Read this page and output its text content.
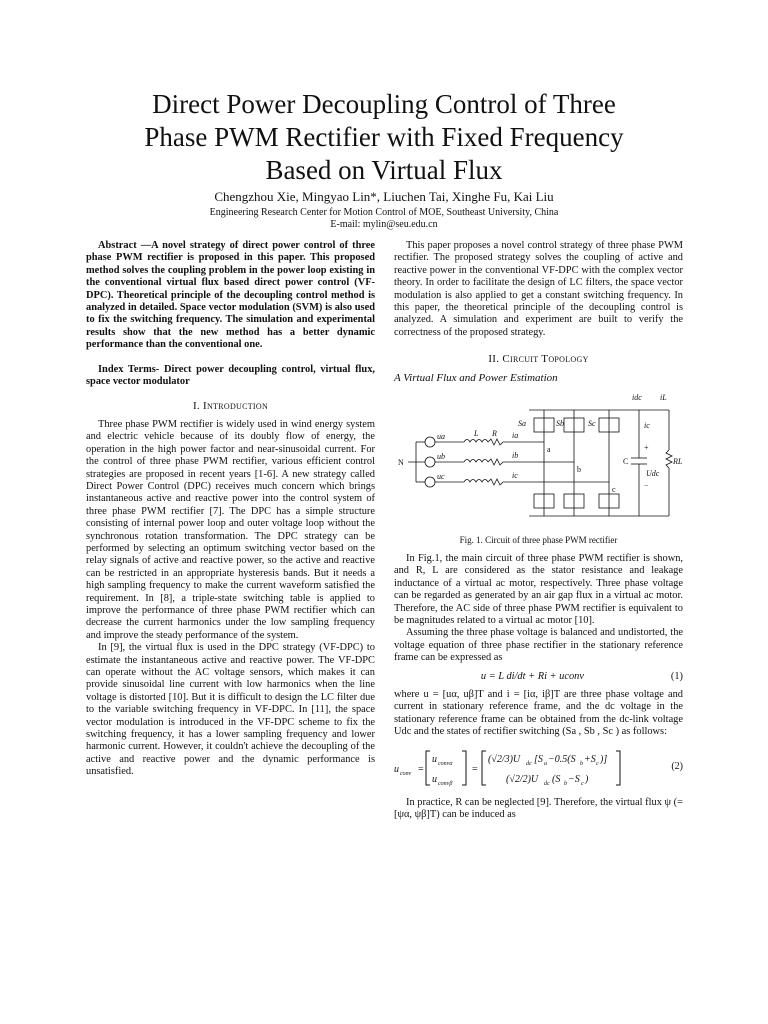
Direct Power Decoupling Control of Three
Phase PWM Rectifier with Fixed Frequency
Based on Virtual Flux
Chengzhou Xie, Mingyao Lin*, Liuchen Tai, Xinghe Fu, Kai Liu
Engineering Research Center for Motion Control of MOE, Southeast University, China
E-mail: mylin@seu.edu.cn

Abstract —A novel strategy of direct power control of three phase PWM rectifier is proposed in this paper. This proposed method solves the coupling problem in the power loop existing in the conventional virtual flux based direct power control (VF-DPC). Theoretical principle of the decoupling control method is analyzed in detailed. Space vector modulation (SVM) is also used to fix the switching frequency. The simulation and experimental results show that the new method has a better dynamic performance than the conventional one.

Index Terms- Direct power decoupling control, virtual flux, space vector modulator

I. Introduction

Three phase PWM rectifier is widely used in wind energy system and electric vehicle because of its doubly flow of energy, the operation in the high power factor and near-sinusoidal current. For the control of three phase PWM rectifier, various efficient control strategies are proposed in recent years [1-6]. A new strategy called Direct Power Control (DPC) receives much concern which brings instantaneous active and reactive power into the control system of three phase PWM rectifier [7]. The DPC has a simple structure consisting of internal power loop and outer voltage loop without the synchronous rotation transformation. The DPC strategy can be performed by selecting an optimum switching vector based on the relay signals of active and reactive power, so the active and reactive can be restricted in an appropriate hysteresis bands. But it needs a high sampling frequency to make the current waveform satisfied the requirement. In [8], a triple-state switching table is applied to improve the performance of three phase PWM rectifier which can decrease the current harmonics under the low sampling frequency and improve the steady performance of the system.

In [9], the virtual flux is used in the DPC strategy (VF-DPC) to estimate the instantaneous active and reactive power. The VF-DPC can operate without the AC voltage sensors, which makes it can provide sinusoidal line current with low harmonics when the line voltage is distorted [10]. But it is difficult to design the LC filter due to the variable switching frequency in VF-DPC. In [11], the space vector modulation is introduced in the VF-DPC scheme to fix the switching frequency, it has a lower sampling frequency and lower harmonic current. However, it couldn't achieve the decoupling of the active and reactive power and the dynamic performance is unsatisfied.

This paper proposes a novel control strategy of three phase PWM rectifier. The proposed strategy solves the coupling of active and reactive power in the conventional VF-DPC with the complex vector theory. In order to facilitate the design of LC filters, the space vector modulation is also applied to get a constant switching frequency. In this paper, the theoretical principle of the decoupling control is analyzed. A simulation and experiment are built to verify the correctness of the proposed strategy.

II. Circuit Topology
A Virtual Flux and Power Estimation
ua
ub
uc
L R ia
ib
ic
a
b
c
N
Sa	Sb	Sc
C
Udc
RL
idc iL
ic
+
−
Fig. 1. Circuit of three phase PWM rectifier

In Fig.1, the main circuit of three phase PWM rectifier is shown, and R, L are considered as the stator resistance and leakage inductance of a virtual ac motor, respectively. Three phase voltage can be regarded as generated by an air gap flux in a virtual ac motor. Therefore, the AC side of three phase PWM rectifier is equivalent to be magnitudes related to a virtual ac motor [10].

Assuming the three phase voltage is balanced and undistorted, the voltage equation of three phase rectifier in the stationary reference frame can be expressed as

u = L di/dt + Ri + uconv	(1)

where u = [uα, uβ]T and i = [iα, iβ]T are three phase voltage and current in stationary reference frame, and the dc voltage in the stationary reference frame can be obtained from the dc-link voltage Udc and the states of rectifier switching (Sa , Sb , Sc ) as follows:

u conv =
u convα
u convβ
=
(√2/3)U dc [S a −0.5(S b +S c )]
(√2/2)U dc (S b −S c )
(2)

In practice, R can be neglected [9]. Therefore, the virtual flux ψ (=[ψα, ψβ]T) can be induced as
